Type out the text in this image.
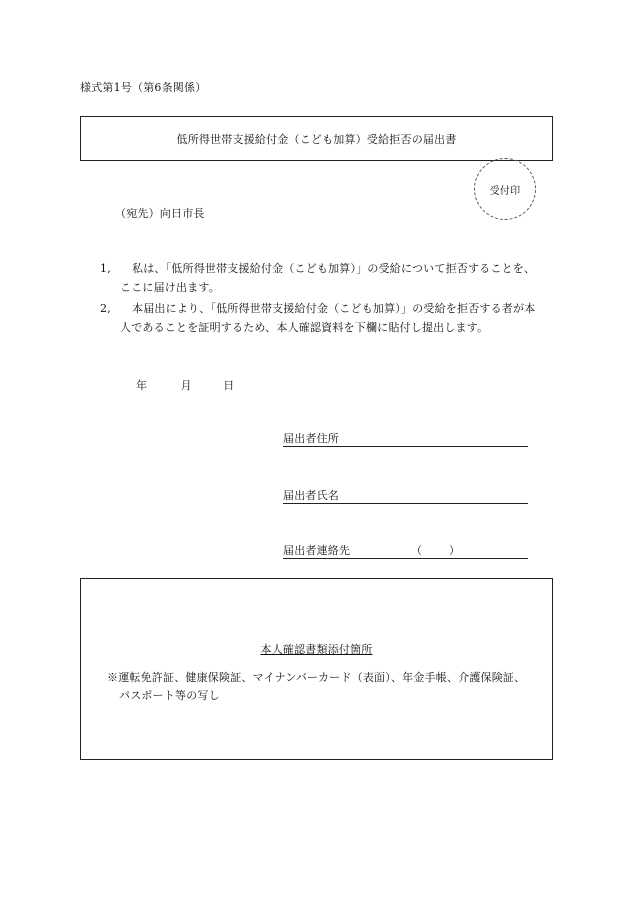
様式第1号（第6条関係）
低所得世帯支援給付金（こども加算）受給拒否の届出書
受付印
（宛先）向日市長
1,	私は、「低所得世帯支援給付金（こども加算）」の受給について拒否することを、ここに届け出ます。
2,	本届出により、「低所得世帯支援給付金（こども加算）」の受給を拒否する者が本人であることを証明するため、本人確認資料を下欄に貼付し提出します。
年	月	日
届出者住所
届出者氏名
届出者連絡先	（ ）
本人確認書類添付箇所
※運転免許証、健康保険証、マイナンバーカード（表面）、年金手帳、介護保険証、
パスポート等の写し
